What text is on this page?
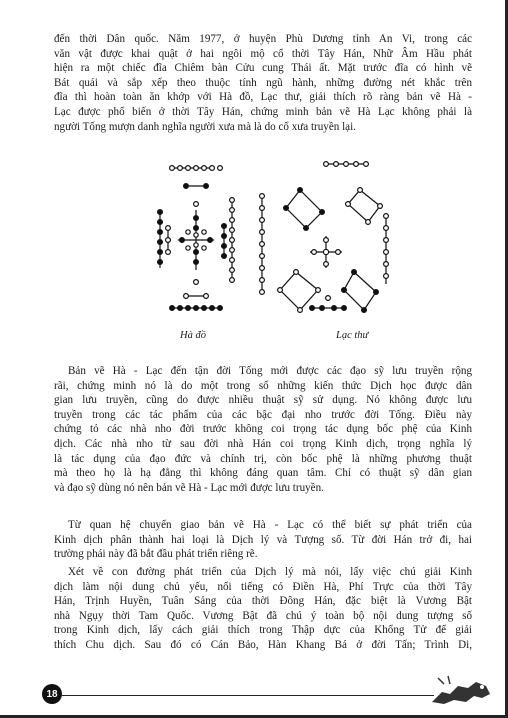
đến thời Dân quốc. Năm 1977, ở huyện Phù Dương tỉnh An Vi, trong các
văn vật được khai quật ở hai ngôi mộ cổ thời Tây Hán, Nhữ Âm Hầu phát
hiện ra một chiếc đĩa Chiêm bàn Cửu cung Thái ất. Mặt trước đĩa có hình vẽ
Bát quái và sắp xếp theo thuộc tính ngũ hành, những đường nét khắc trên
đĩa thì hoàn toàn ăn khớp với Hà đồ, Lạc thư, giải thích rõ ràng bản vẽ Hà -
Lạc được phổ biến ở thời Tây Hán, chứng minh bản vẽ Hà Lạc không phải là
người Tống mượn danh nghĩa người xưa mà là do cổ xưa truyền lại.

Hà đồ	Lạc thư

Bản vẽ Hà - Lạc đến tận đời Tống mới được các đạo sỹ lưu truyền rộng
rãi, chứng minh nó là do một trong số những kiến thức Dịch học được dân
gian lưu truyền, cũng do được nhiều thuật sỹ sử dụng. Nó không được lưu
truyền trong các tác phẩm của các bậc đại nho trước đời Tống. Điều này
chứng tỏ các nhà nho đời trước không coi trọng tác dụng bốc phệ của Kinh
dịch. Các nhà nho từ sau đời nhà Hán coi trọng Kinh dịch, trọng nghĩa lý
là tác dụng của đạo đức và chính trị, còn bốc phệ là những phương thuật
mà theo họ là hạ đẳng thì không đáng quan tâm. Chỉ có thuật sỹ dân gian
và đạo sỹ dùng nó nên bản vẽ Hà - Lạc mới được lưu truyền.

Từ quan hệ chuyển giao bản vẽ Hà - Lạc có thể biết sự phát triển của
Kinh dịch phân thành hai loại là Dịch lý và Tượng số. Từ đời Hán trở đi, hai
trường phái này đã bắt đầu phát triển riêng rẽ.

Xét về con đường phát triển của Dịch lý mà nói, lấy việc chú giải Kinh
dịch làm nội dung chủ yếu, nổi tiếng có Điền Hà, Phí Trực của thời Tây
Hán, Trịnh Huyền, Tuân Sảng của thời Đông Hán, đặc biệt là Vương Bật
nhà Ngụy thời Tam Quốc. Vương Bật đã chú ý toàn bộ nội dung tượng số
trong Kinh dịch, lấy cách giải thích trong Thập dực của Khổng Tử để giải
thích Chu dịch. Sau đó có Cán Bảo, Hàn Khang Bá ở đời Tấn; Trình Di,

18
